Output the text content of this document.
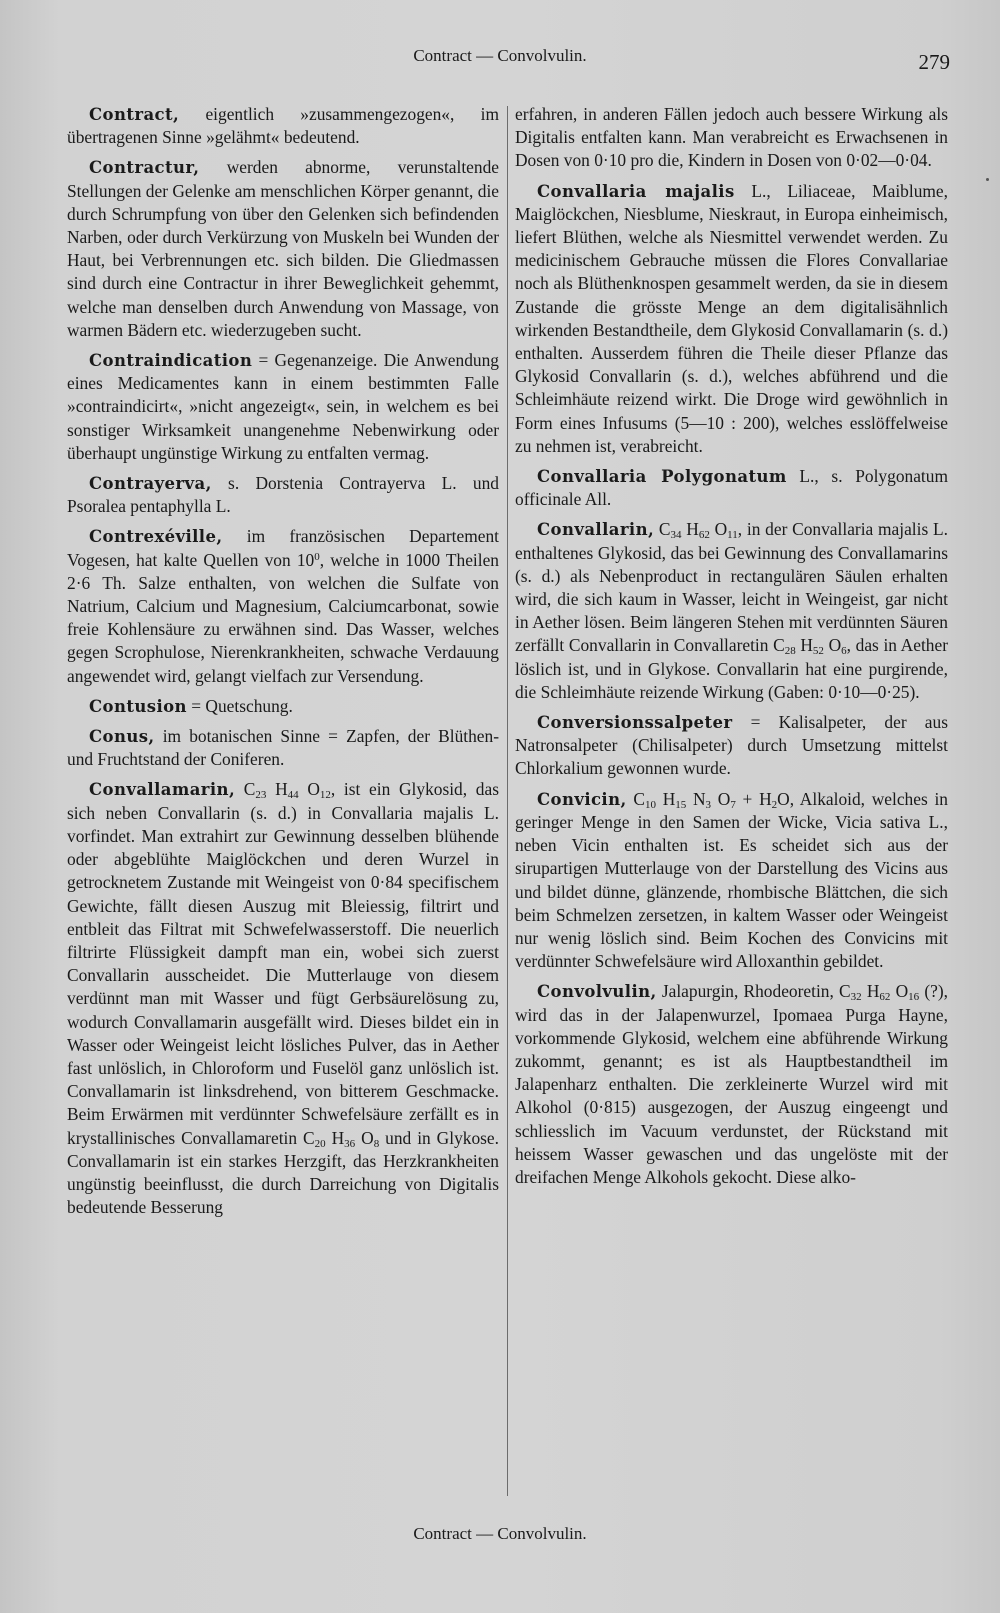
Contract — Convolvulin.	279

Contract, eigentlich »zusammengezogen«, im übertragenen Sinne »gelähmt« bedeutend.

Contractur, werden abnorme, verunstaltende Stellungen der Gelenke am menschlichen Körper genannt, die durch Schrumpfung von über den Gelenken sich befindenden Narben, oder durch Verkürzung von Muskeln bei Wunden der Haut, bei Verbrennungen etc. sich bilden. Die Gliedmassen sind durch eine Contractur in ihrer Beweglichkeit gehemmt, welche man denselben durch Anwendung von Massage, von warmen Bädern etc. wiederzugeben sucht.

Contraindication = Gegenanzeige. Die Anwendung eines Medicamentes kann in einem bestimmten Falle »contraindicirt«, »nicht angezeigt«, sein, in welchem es bei sonstiger Wirksamkeit unangenehme Nebenwirkung oder überhaupt ungünstige Wirkung zu entfalten vermag.

Contrayerva, s. Dorstenia Contrayerva L. und Psoralea pentaphylla L.

Contrexéville, im französischen Departement Vogesen, hat kalte Quellen von $10^0$, welche in 1000 Theilen 2·6 Th. Salze enthalten, von welchen die Sulfate von Natrium, Calcium und Magnesium, Calciumcarbonat, sowie freie Kohlensäure zu erwähnen sind. Das Wasser, welches gegen Scrophulose, Nierenkrankheiten, schwache Verdauung angewendet wird, gelangt vielfach zur Versendung.

Contusion = Quetschung.

Conus, im botanischen Sinne = Zapfen, der Blüthen- und Fruchtstand der Coniferen.

Convallamarin, $C_{23}$ $H_{44}$ $O_{12}$, ist ein Glykosid, das sich neben Convallarin (s. d.) in Convallaria majalis L. vorfindet. Man extrahirt zur Gewinnung desselben blühende oder abgeblühte Maiglöckchen und deren Wurzel in getrocknetem Zustande mit Weingeist von 0·84 specifischem Gewichte, fällt diesen Auszug mit Bleiessig, filtrirt und entbleit das Filtrat mit Schwefelwasserstoff. Die neuerlich filtrirte Flüssigkeit dampft man ein, wobei sich zuerst Convallarin ausscheidet. Die Mutterlauge von diesem verdünnt man mit Wasser und fügt Gerbsäurelösung zu, wodurch Convallamarin ausgefällt wird. Dieses bildet ein in Wasser oder Weingeist leicht lösliches Pulver, das in Aether fast unlöslich, in Chloroform und Fuselöl ganz unlöslich ist. Convallamarin ist linksdrehend, von bitterem Geschmacke. Beim Erwärmen mit verdünnter Schwefelsäure zerfällt es in krystallinisches Convallamaretin $C_{20}$ $H_{36}$ $O_8$ und in Glykose. Convallamarin ist ein starkes Herzgift, das Herzkrankheiten ungünstig beeinflusst, die durch Darreichung von Digitalis bedeutende Besserung

erfahren, in anderen Fällen jedoch auch bessere Wirkung als Digitalis entfalten kann. Man verabreicht es Erwachsenen in Dosen von 0·10 pro die, Kindern in Dosen von 0·02—0·04.

Convallaria majalis L., Liliaceae, Maiblume, Maiglöckchen, Niesblume, Nieskraut, in Europa einheimisch, liefert Blüthen, welche als Niesmittel verwendet werden. Zu medicinischem Gebrauche müssen die Flores Convallariae noch als Blüthenknospen gesammelt werden, da sie in diesem Zustande die grösste Menge an dem digitalisähnlich wirkenden Bestandtheile, dem Glykosid Convallamarin (s. d.) enthalten. Ausserdem führen die Theile dieser Pflanze das Glykosid Convallarin (s. d.), welches abführend und die Schleimhäute reizend wirkt. Die Droge wird gewöhnlich in Form eines Infusums (5—10 : 200), welches esslöffelweise zu nehmen ist, verabreicht.

Convallaria Polygonatum L., s. Polygonatum officinale All.

Convallarin, $C_{34}$ $H_{62}$ $O_{11}$, in der Convallaria majalis L. enthaltenes Glykosid, das bei Gewinnung des Convallamarins (s. d.) als Nebenproduct in rectangulären Säulen erhalten wird, die sich kaum in Wasser, leicht in Weingeist, gar nicht in Aether lösen. Beim längeren Stehen mit verdünnten Säuren zerfällt Convallarin in Convallaretin $C_{28}$ $H_{52}$ $O_6$, das in Aether löslich ist, und in Glykose. Convallarin hat eine purgirende, die Schleimhäute reizende Wirkung (Gaben: 0·10—0·25).

Conversionssalpeter = Kalisalpeter, der aus Natronsalpeter (Chilisalpeter) durch Umsetzung mittelst Chlorkalium gewonnen wurde.

Convicin, $C_{10}$ $H_{15}$ $N_3$ $O_7 + H_2O$, Alkaloid, welches in geringer Menge in den Samen der Wicke, Vicia sativa L., neben Vicin enthalten ist. Es scheidet sich aus der sirupartigen Mutterlauge von der Darstellung des Vicins aus und bildet dünne, glänzende, rhombische Blättchen, die sich beim Schmelzen zersetzen, in kaltem Wasser oder Weingeist nur wenig löslich sind. Beim Kochen des Convicins mit verdünnter Schwefelsäure wird Alloxanthin gebildet.

Convolvulin, Jalapurgin, Rhodeoretin, $C_{32}$ $H_{62}$ $O_{16}$ (?), wird das in der Jalapenwurzel, Ipomaea Purga Hayne, vorkommende Glykosid, welchem eine abführende Wirkung zukommt, genannt; es ist als Hauptbestandtheil im Jalapenharz enthalten. Die zerkleinerte Wurzel wird mit Alkohol (0·815) ausgezogen, der Auszug eingeengt und schliesslich im Vacuum verdunstet, der Rückstand mit heissem Wasser gewaschen und das ungelöste mit der dreifachen Menge Alkohols gekocht. Diese alko-

Contract — Convolvulin.
